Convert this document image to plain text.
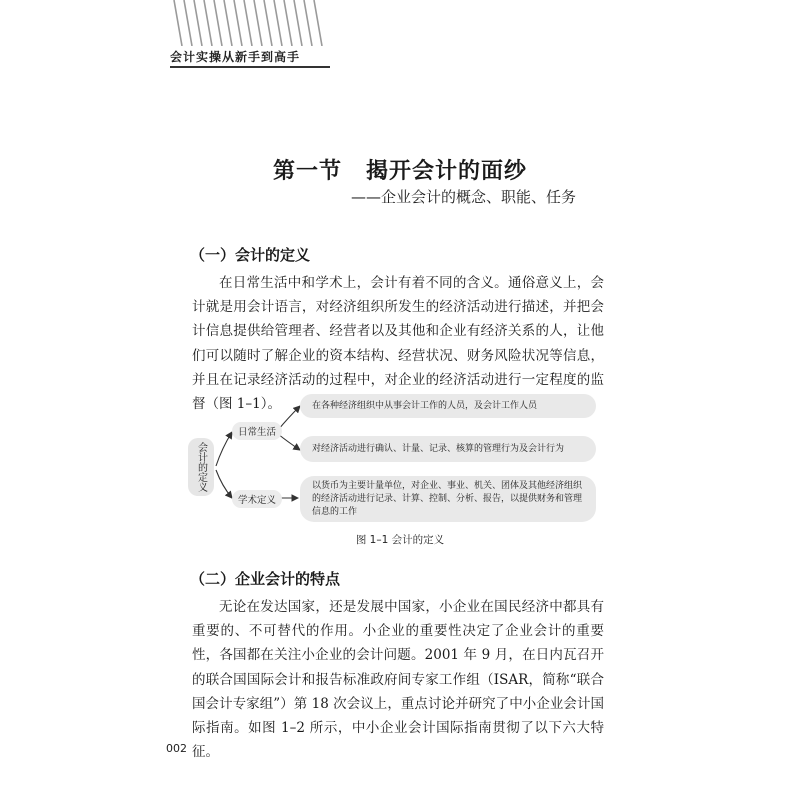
会计实操从新手到高手
第一节 揭开会计的面纱
——企业会计的概念、职能、任务
（一）会计的定义

在日常生活中和学术上，会计有着不同的含义。通俗意义上，会计就是用会计语言，对经济组织所发生的经济活动进行描述，并把会计信息提供给管理者、经营者以及其他和企业有经济关系的人，让他们可以随时了解企业的资本结构、经营状况、财务风险状况等信息，并且在记录经济活动的过程中，对企业的经济活动进行一定程度的监督（图 1–1）。

会计的定义
日常生活
学术定义
在各种经济组织中从事会计工作的人员，及会计工作人员
对经济活动进行确认、计量、记录、核算的管理行为及会计行为
以货币为主要计量单位，对企业、事业、机关、团体及其他经济组织的经济活动进行记录、计算、控制、分析、报告，以提供财务和管理信息的工作
图 1–1 会计的定义
（二）企业会计的特点

无论在发达国家，还是发展中国家，小企业在国民经济中都具有重要的、不可替代的作用。小企业的重要性决定了企业会计的重要性，各国都在关注小企业的会计问题。2001 年 9 月，在日内瓦召开的联合国国际会计和报告标准政府间专家工作组（ISAR，简称“联合国会计专家组”）第 18 次会议上，重点讨论并研究了中小企业会计国际指南。如图 1–2 所示，中小企业会计国际指南贯彻了以下六大特征。

002
